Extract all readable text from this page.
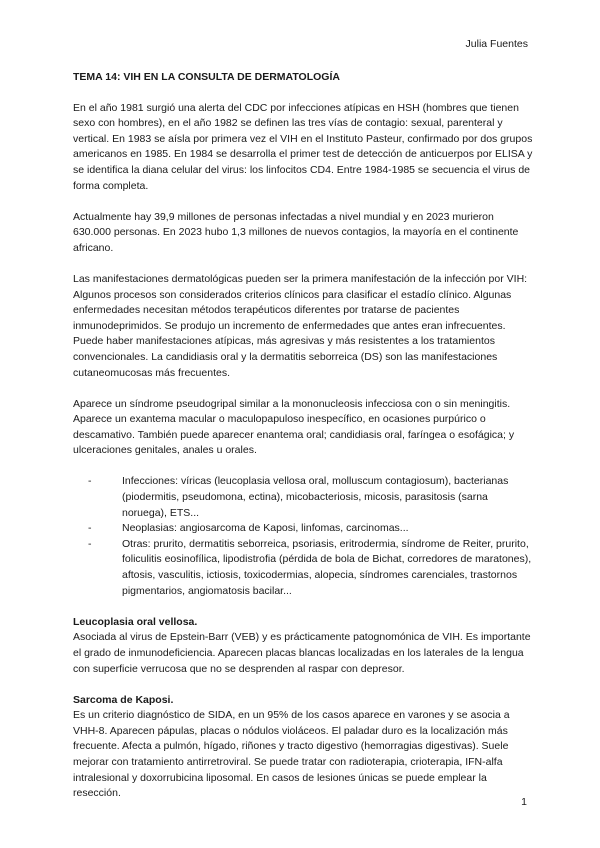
Julia Fuentes
TEMA 14: VIH EN LA CONSULTA DE DERMATOLOGÍA

En el año 1981 surgió una alerta del CDC por infecciones atípicas en HSH (hombres que tienen sexo con hombres), en el año 1982 se definen las tres vías de contagio: sexual, parenteral y vertical. En 1983 se aísla por primera vez el VIH en el Instituto Pasteur, confirmado por dos grupos americanos en 1985. En 1984 se desarrolla el primer test de detección de anticuerpos por ELISA y se identifica la diana celular del virus: los linfocitos CD4. Entre 1984-1985 se secuencia el virus de forma completa.

Actualmente hay 39,9 millones de personas infectadas a nivel mundial y en 2023 murieron 630.000 personas. En 2023 hubo 1,3 millones de nuevos contagios, la mayoría en el continente africano.

Las manifestaciones dermatológicas pueden ser la primera manifestación de la infección por VIH: Algunos procesos son considerados criterios clínicos para clasificar el estadío clínico. Algunas enfermedades necesitan métodos terapéuticos diferentes por tratarse de pacientes inmunodeprimidos. Se produjo un incremento de enfermedades que antes eran infrecuentes. Puede haber manifestaciones atípicas, más agresivas y más resistentes a los tratamientos convencionales. La candidiasis oral y la dermatitis seborreica (DS) son las manifestaciones cutaneomucosas más frecuentes.

Aparece un síndrome pseudogripal similar a la mononucleosis infecciosa con o sin meningitis. Aparece un exantema macular o maculopapuloso inespecífico, en ocasiones purpúrico o descamativo. También puede aparecer enantema oral; candidiasis oral, faríngea o esofágica; y ulceraciones genitales, anales u orales.

-	Infecciones: víricas (leucoplasia vellosa oral, molluscum contagiosum), bacterianas (piodermitis, pseudomona, ectina), micobacteriosis, micosis, parasitosis (sarna noruega), ETS...
-	Neoplasias: angiosarcoma de Kaposi, linfomas, carcinomas...
-	Otras: prurito, dermatitis seborreica, psoriasis, eritrodermia, síndrome de Reiter, prurito, foliculitis eosinofílica, lipodistrofia (pérdida de bola de Bichat, corredores de maratones), aftosis, vasculitis, ictiosis, toxicodermias, alopecia, síndromes carenciales, trastornos pigmentarios, angiomatosis bacilar...
Leucoplasia oral vellosa.

Asociada al virus de Epstein-Barr (VEB) y es prácticamente patognomónica de VIH. Es importante el grado de inmunodeficiencia. Aparecen placas blancas localizadas en los laterales de la lengua con superficie verrucosa que no se desprenden al raspar con depresor.

Sarcoma de Kaposi.

Es un criterio diagnóstico de SIDA, en un 95% de los casos aparece en varones y se asocia a VHH-8. Aparecen pápulas, placas o nódulos violáceos. El paladar duro es la localización más frecuente. Afecta a pulmón, hígado, riñones y tracto digestivo (hemorragias digestivas). Suele mejorar con tratamiento antirretroviral. Se puede tratar con radioterapia, crioterapia, IFN-alfa intralesional y doxorrubicina liposomal. En casos de lesiones únicas se puede emplear la resección.

1
